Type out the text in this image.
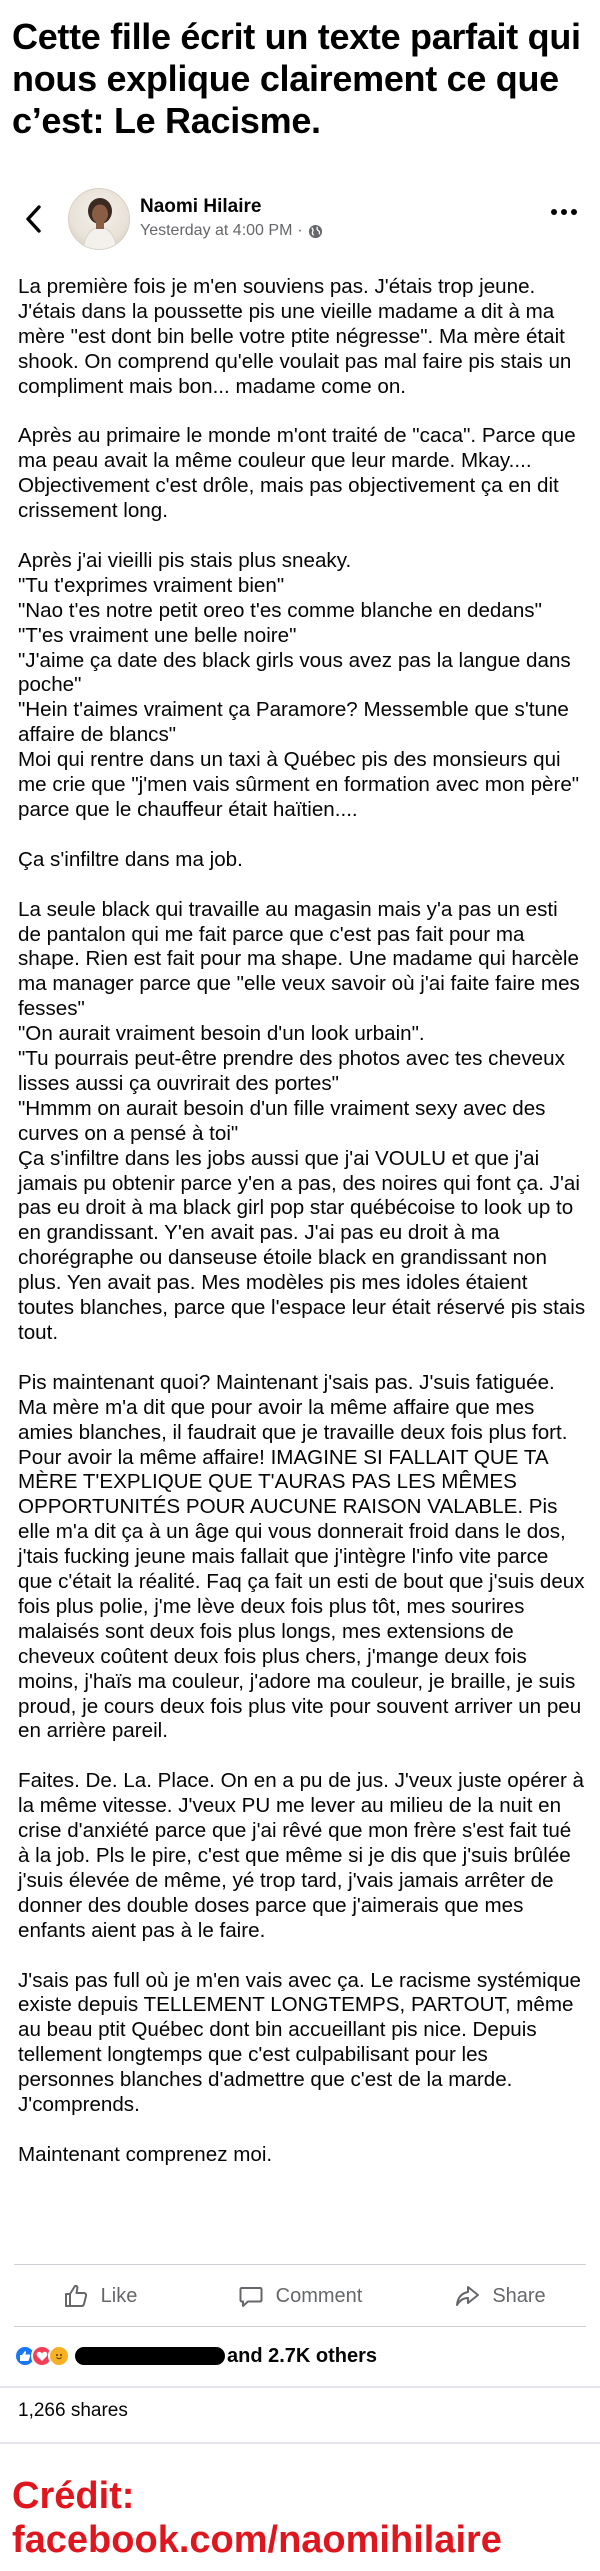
Cette fille écrit un texte parfait qui nous explique clairement ce que c’est: Le Racisme.
Naomi Hilaire
Yesterday at 4:00 PM ·

La première fois je m'en souviens pas. J'étais trop jeune. J'étais dans la poussette pis une vieille madame a dit à ma mère "est dont bin belle votre ptite négresse". Ma mère était shook. On comprend qu'elle voulait pas mal faire pis stais un compliment mais bon... madame come on.

Après au primaire le monde m'ont traité de "caca". Parce que ma peau avait la même couleur que leur marde. Mkay.... Objectivement c'est drôle, mais pas objectivement ça en dit crissement long.

Après j'ai vieilli pis stais plus sneaky.

"Tu t'exprimes vraiment bien"

"Nao t'es notre petit oreo t'es comme blanche en dedans"

"T'es vraiment une belle noire"

"J'aime ça date des black girls vous avez pas la langue dans poche"

"Hein t'aimes vraiment ça Paramore? Messemble que s'tune affaire de blancs"

Moi qui rentre dans un taxi à Québec pis des monsieurs qui me crie que "j'men vais sûrment en formation avec mon père" parce que le chauffeur était haïtien....

Ça s'infiltre dans ma job.

La seule black qui travaille au magasin mais y'a pas un esti de pantalon qui me fait parce que c'est pas fait pour ma shape. Rien est fait pour ma shape. Une madame qui harcèle ma manager parce que "elle veux savoir où j'ai faite faire mes fesses"

"On aurait vraiment besoin d'un look urbain".

"Tu pourrais peut-être prendre des photos avec tes cheveux lisses aussi ça ouvrirait des portes"

"Hmmm on aurait besoin d'un fille vraiment sexy avec des curves on a pensé à toi"

Ça s'infiltre dans les jobs aussi que j'ai VOULU et que j'ai jamais pu obtenir parce y'en a pas, des noires qui font ça. J'ai pas eu droit à ma black girl pop star québécoise to look up to en grandissant. Y'en avait pas. J'ai pas eu droit à ma chorégraphe ou danseuse étoile black en grandissant non plus. Yen avait pas. Mes modèles pis mes idoles étaient toutes blanches, parce que l'espace leur était réservé pis stais tout.

Pis maintenant quoi? Maintenant j'sais pas. J'suis fatiguée. Ma mère m'a dit que pour avoir la même affaire que mes amies blanches, il faudrait que je travaille deux fois plus fort. Pour avoir la même affaire! IMAGINE SI FALLAIT QUE TA MÈRE T'EXPLIQUE QUE T'AURAS PAS LES MÊMES OPPORTUNITÉS POUR AUCUNE RAISON VALABLE. Pis elle m'a dit ça à un âge qui vous donnerait froid dans le dos, j'tais fucking jeune mais fallait que j'intègre l'info vite parce que c'était la réalité. Faq ça fait un esti de bout que j'suis deux fois plus polie, j'me lève deux fois plus tôt, mes sourires malaisés sont deux fois plus longs, mes extensions de cheveux coûtent deux fois plus chers, j'mange deux fois moins, j'haïs ma couleur, j'adore ma couleur, je braille, je suis proud, je cours deux fois plus vite pour souvent arriver un peu en arrière pareil.

Faites. De. La. Place. On en a pu de jus. J'veux juste opérer à la même vitesse. J'veux PU me lever au milieu de la nuit en crise d'anxiété parce que j'ai rêvé que mon frère s'est fait tué à la job. Pls le pire, c'est que même si je dis que j'suis brûlée j'suis élevée de même, yé trop tard, j'vais jamais arrêter de donner des double doses parce que j'aimerais que mes enfants aient pas à le faire.

J'sais pas full où je m'en vais avec ça. Le racisme systémique existe depuis TELLEMENT LONGTEMPS, PARTOUT, même au beau ptit Québec dont bin accueillant pis nice. Depuis tellement longtemps que c'est culpabilisant pour les personnes blanches d'admettre que c'est de la marde. J'comprends.

Maintenant comprenez moi.

Like	Comment	Share
and 2.7K others
1,266 shares
Crédit:
facebook.com/naomihilaire
